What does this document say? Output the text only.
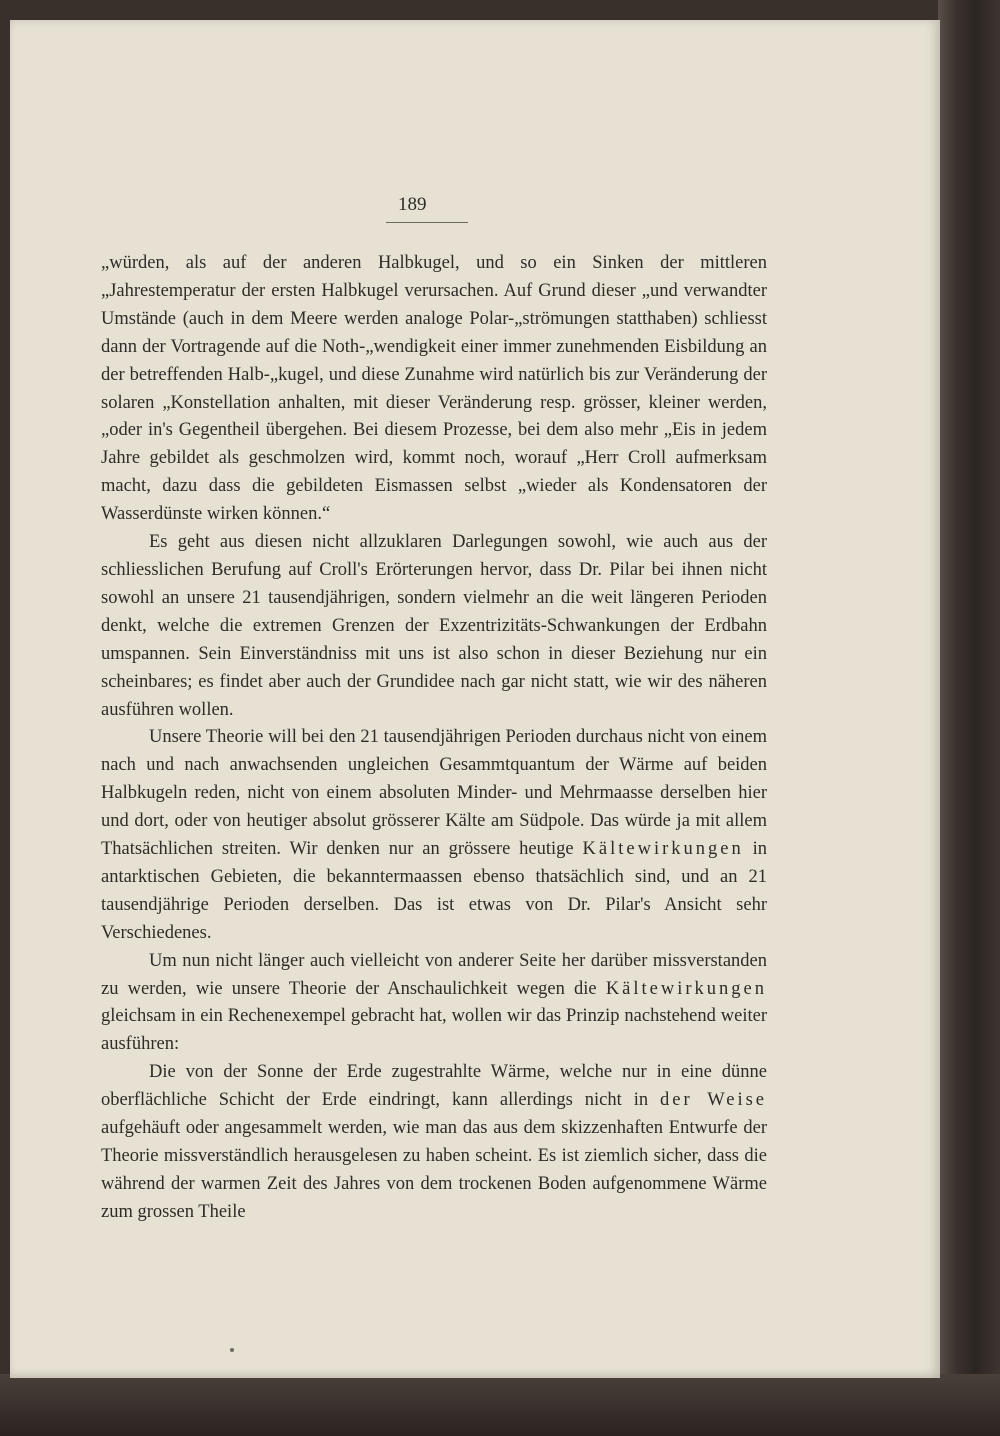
189

„würden, als auf der anderen Halbkugel, und so ein Sinken der mittleren „Jahrestemperatur der ersten Halbkugel verursachen. Auf Grund dieser „und verwandter Umstände (auch in dem Meere werden analoge Polar-„strömungen statthaben) schliesst dann der Vortragende auf die Noth-„wendigkeit einer immer zunehmenden Eisbildung an der betreffenden Halb-„kugel, und diese Zunahme wird natürlich bis zur Veränderung der solaren „Konstellation anhalten, mit dieser Veränderung resp. grösser, kleiner werden, „oder in's Gegentheil übergehen. Bei diesem Prozesse, bei dem also mehr „Eis in jedem Jahre gebildet als geschmolzen wird, kommt noch, worauf „Herr Croll aufmerksam macht, dazu dass die gebildeten Eismassen selbst „wieder als Kondensatoren der Wasserdünste wirken können.“

Es geht aus diesen nicht allzuklaren Darlegungen sowohl, wie auch aus der schliesslichen Berufung auf Croll's Erörterungen hervor, dass Dr. Pilar bei ihnen nicht sowohl an unsere 21 tausendjährigen, sondern vielmehr an die weit längeren Perioden denkt, welche die extremen Grenzen der Exzentrizitäts-Schwankungen der Erdbahn umspannen. Sein Einverständniss mit uns ist also schon in dieser Beziehung nur ein scheinbares; es findet aber auch der Grundidee nach gar nicht statt, wie wir des näheren ausführen wollen.

Unsere Theorie will bei den 21 tausendjährigen Perioden durchaus nicht von einem nach und nach anwachsenden ungleichen Gesammtquantum der Wärme auf beiden Halbkugeln reden, nicht von einem absoluten Minder- und Mehrmaasse derselben hier und dort, oder von heutiger absolut grösserer Kälte am Südpole. Das würde ja mit allem Thatsächlichen streiten. Wir denken nur an grössere heutige Kältewirkungen in antarktischen Gebieten, die bekanntermaassen ebenso thatsächlich sind, und an 21 tausendjährige Perioden derselben. Das ist etwas von Dr. Pilar's Ansicht sehr Verschiedenes.

Um nun nicht länger auch vielleicht von anderer Seite her darüber missverstanden zu werden, wie unsere Theorie der Anschaulichkeit wegen die Kältewirkungen gleichsam in ein Rechenexempel gebracht hat, wollen wir das Prinzip nachstehend weiter ausführen:

Die von der Sonne der Erde zugestrahlte Wärme, welche nur in eine dünne oberflächliche Schicht der Erde eindringt, kann allerdings nicht in der Weise aufgehäuft oder angesammelt werden, wie man das aus dem skizzenhaften Entwurfe der Theorie missverständlich herausgelesen zu haben scheint. Es ist ziemlich sicher, dass die während der warmen Zeit des Jahres von dem trockenen Boden aufgenommene Wärme zum grossen Theile
